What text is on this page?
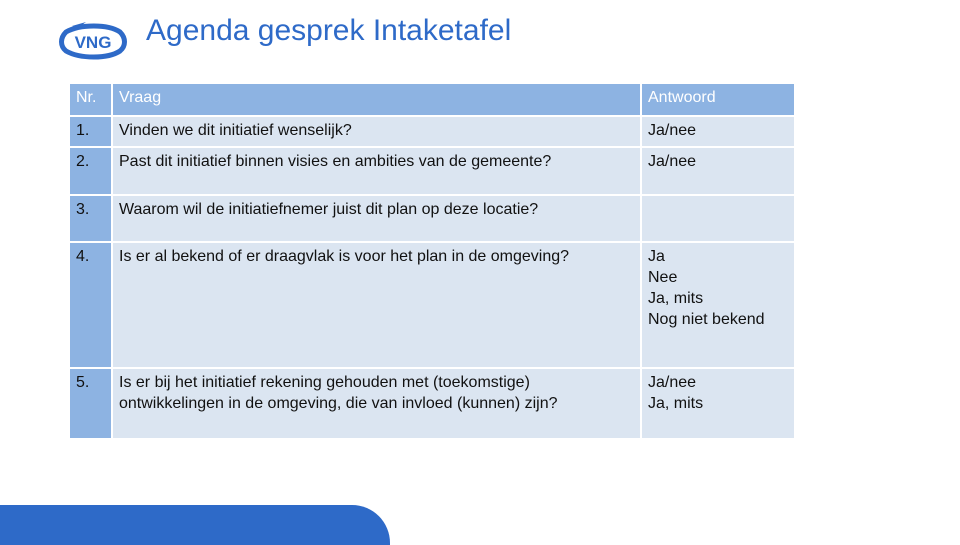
VNG Agenda gesprek Intaketafel
Nr.	Vraag	Antwoord
1.	Vinden we dit initiatief wenselijk?	Ja/nee
2.	Past dit initiatief binnen visies en ambities van de gemeente?	Ja/nee
3.	Waarom wil de initiatiefnemer juist dit plan op deze locatie?	
4.	Is er al bekend of er draagvlak is voor het plan in de omgeving?	Ja
Nee
Ja, mits
Nog niet bekend
5.	Is er bij het initiatief rekening gehouden met (toekomstige) ontwikkelingen in de omgeving, die van invloed (kunnen) zijn?	Ja/nee
Ja, mits
